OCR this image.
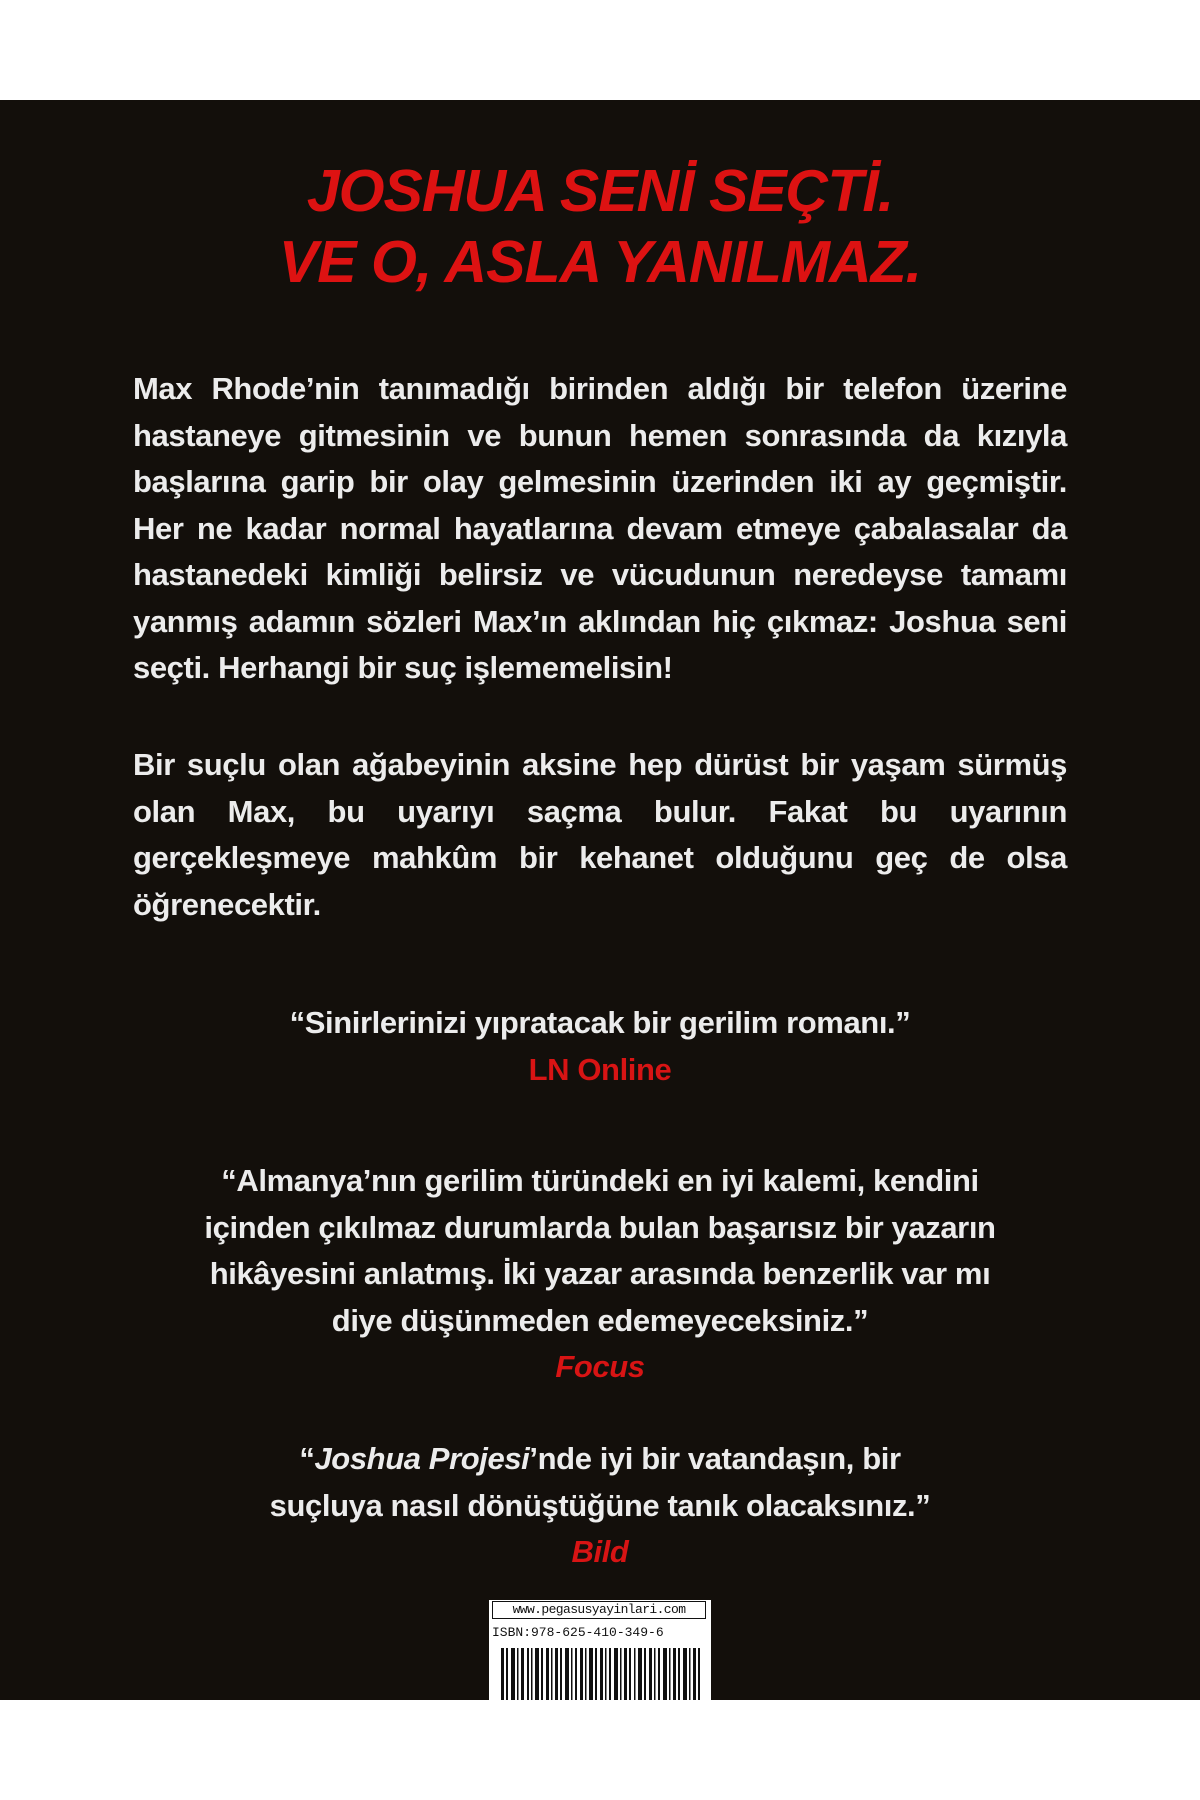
JOSHUA SENİ SEÇTİ.
VE O, ASLA YANILMAZ.

Max Rhode’nin tanımadığı birinden aldığı bir telefon üzerine hastaneye gitmesinin ve bunun hemen sonrasında da kızıyla başlarına garip bir olay gelmesinin üzerinden iki ay geçmiştir. Her ne kadar normal hayatlarına devam etmeye çabalasalar da hastanedeki kimliği belirsiz ve vücudunun neredeyse tamamı yanmış adamın sözleri Max’ın aklından hiç çıkmaz: Joshua seni seçti. Herhangi bir suç işlememelisin!

Bir suçlu olan ağabeyinin aksine hep dürüst bir yaşam sürmüş olan Max, bu uyarıyı saçma bulur. Fakat bu uyarının gerçekleşmeye mahkûm bir kehanet olduğunu geç de olsa öğrenecektir.

“Sinirlerinizi yıpratacak bir gerilim romanı.”
LN Online
“Almanya’nın gerilim türündeki en iyi kalemi, kendini
içinden çıkılmaz durumlarda bulan başarısız bir yazarın
hikâyesini anlatmış. İki yazar arasında benzerlik var mı
diye düşünmeden edemeyeceksiniz.”
Focus
“Joshua Projesi’nde iyi bir vatandaşın, bir
suçluya nasıl dönüştüğüne tanık olacaksınız.”
Bild
www.pegasusyayinlari.com
ISBN:978-625-410-349-6
